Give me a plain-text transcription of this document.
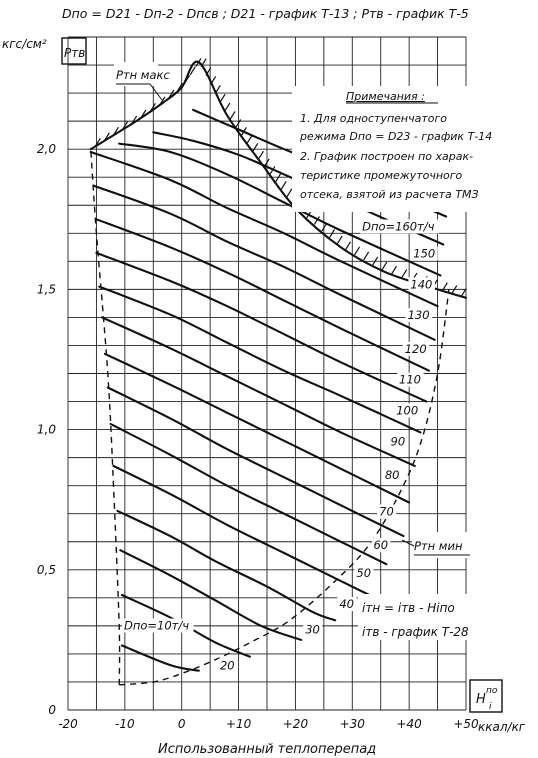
Dпо = D21 - Dп-2 - Dпсв ; D21 - график Т-13 ; Ртв - график Т-5
кгс/см²
Pтв
Dпо=10т/ч
20
30
40
50
60
70
80
90
100
110
120
130
140
150
Dпо=160т/ч
-20	-10	0	+10	+20	+30	+40	+50
0
0,5
1,0
1,5
2,0
Примечания :
1. Для одноступенчатого
режима Dпо = D23 - график Т-14
2. График построен по харак-
теристике промежуточного
отсека, взятой из расчета ТМЗ
Pтн макс
Pтн мин
iтн = iтв - Hiпо
iтв - график Т-28
H i
по
ккал/кг
Использованный теплоперепад
